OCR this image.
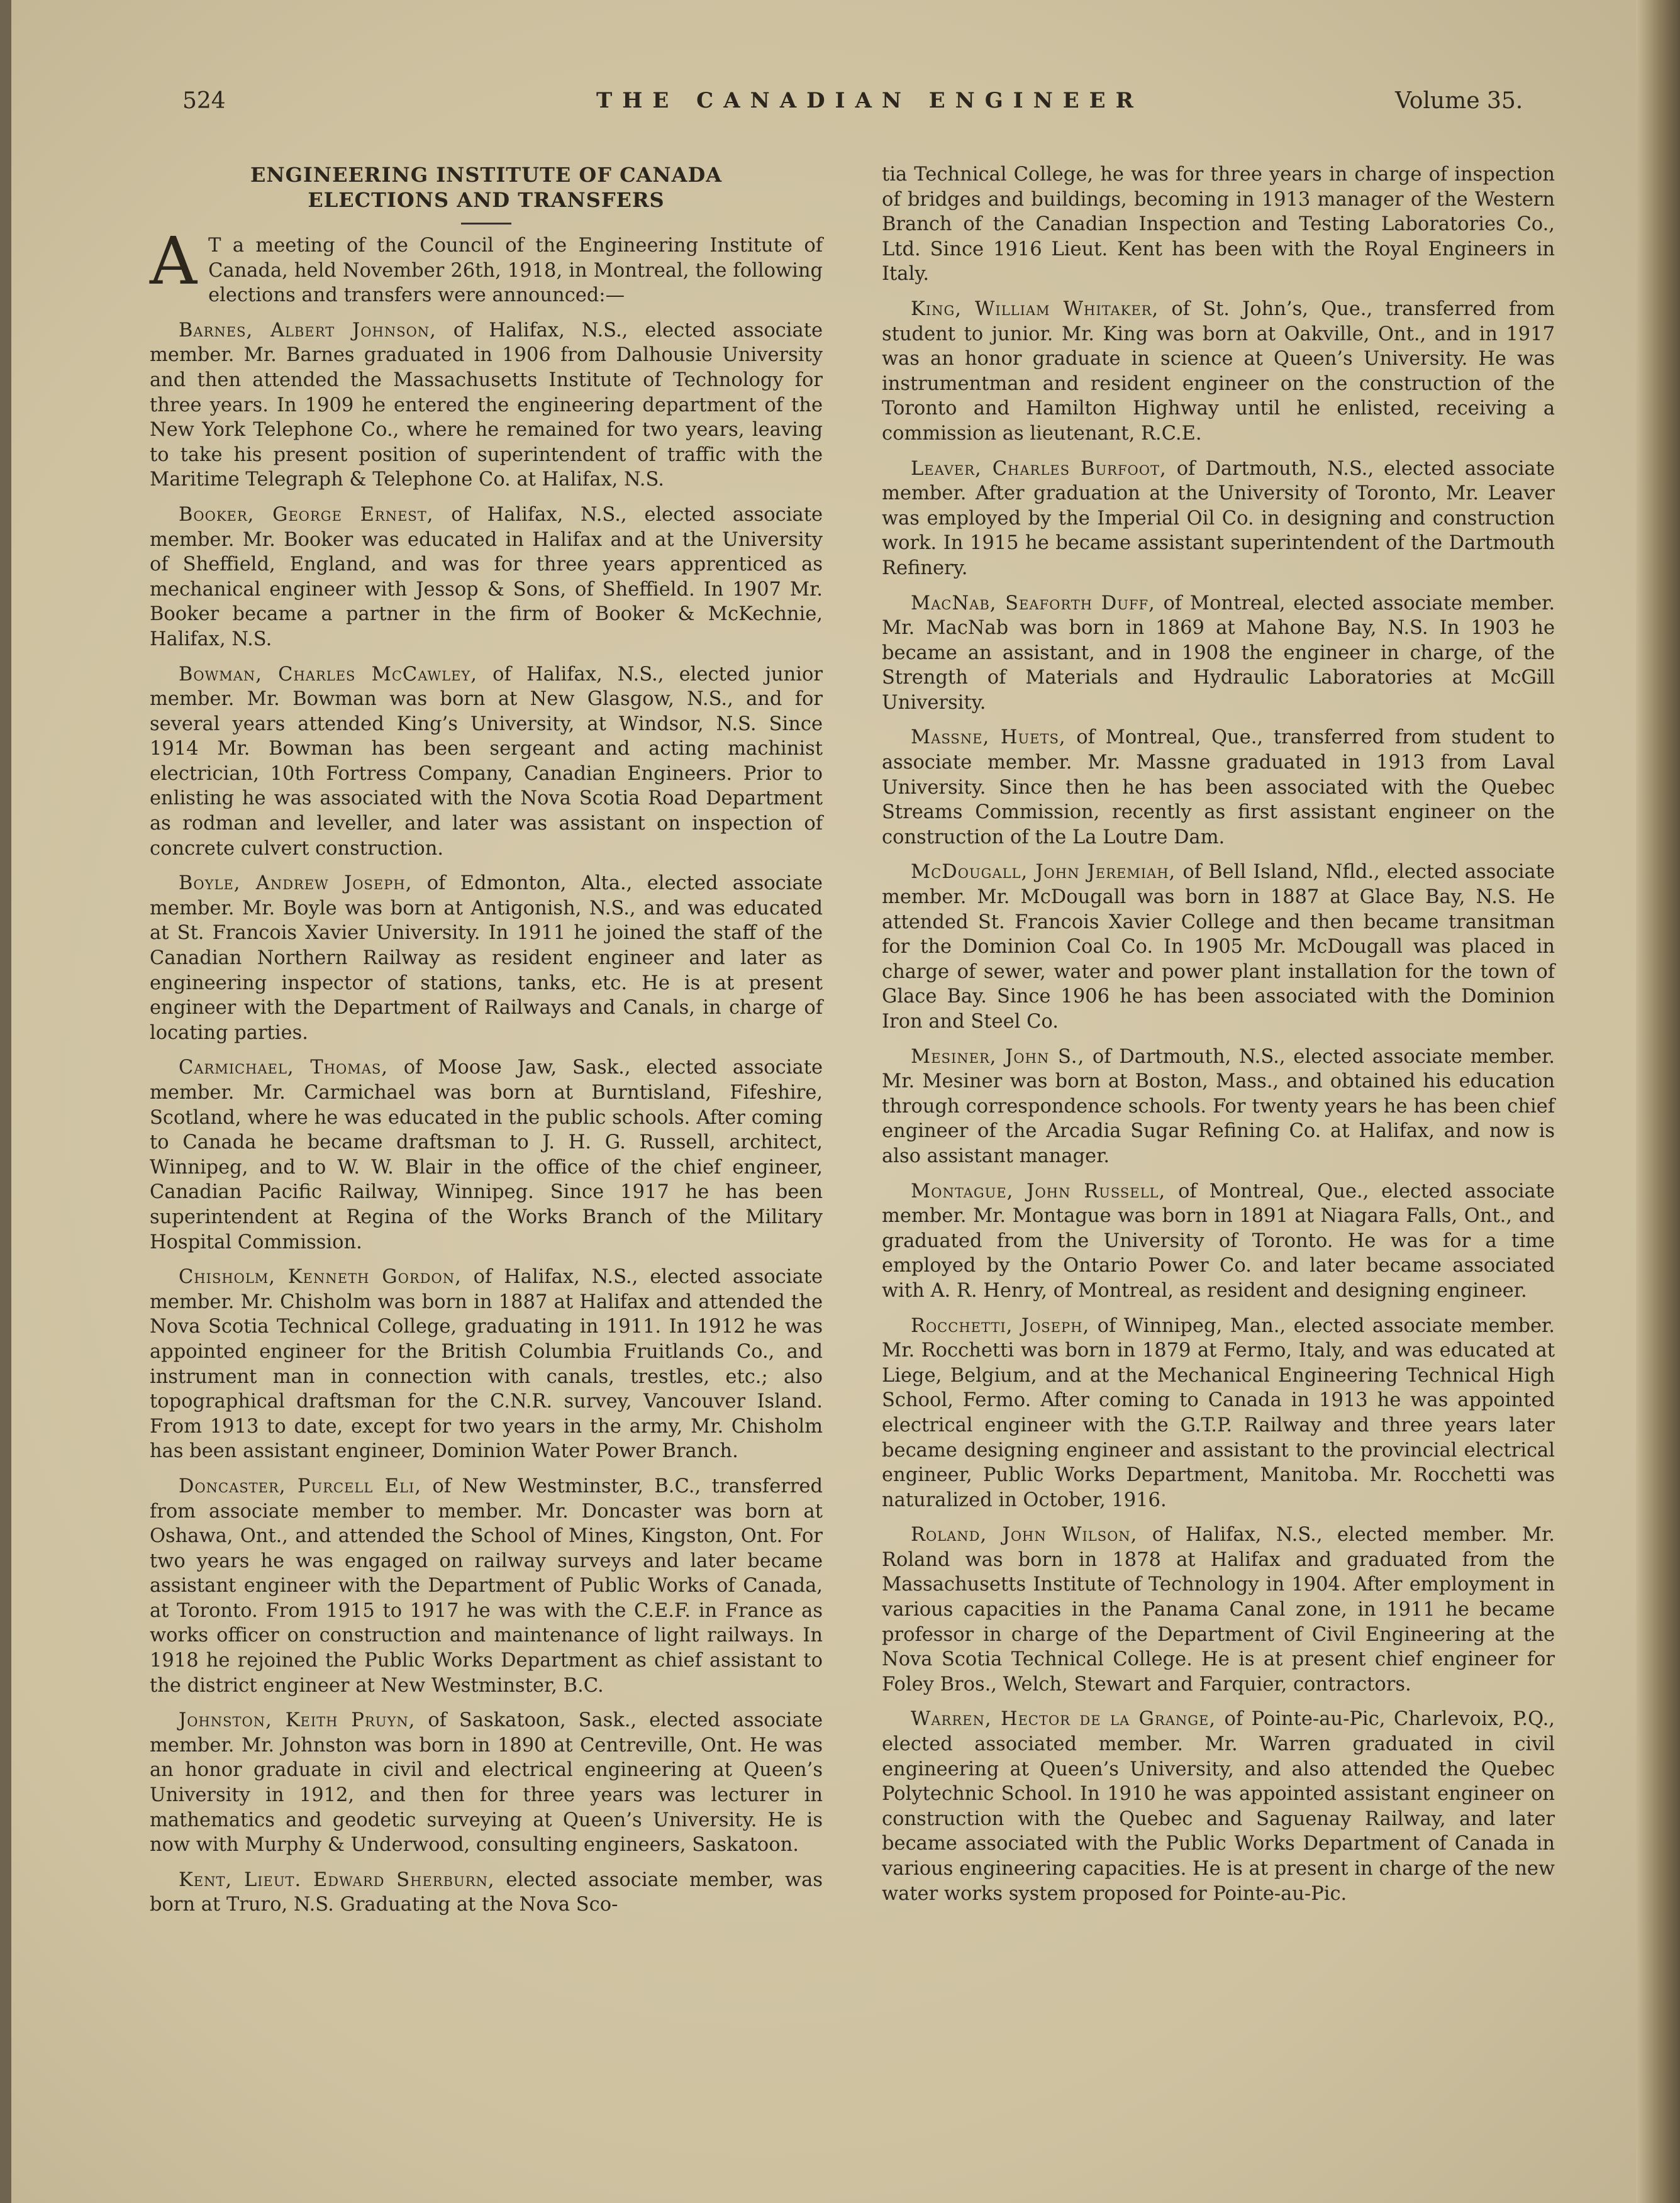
524	THE CANADIAN ENGINEER	Volume 35.
ENGINEERING INSTITUTE OF CANADA
ELECTIONS AND TRANSFERS
A T a meeting of the Council of the Engineering Institute of Canada, held November 26th, 1918, in Montreal, the following elections and transfers were announced:—

Barnes, Albert Johnson, of Halifax, N.S., elected associate member. Mr. Barnes graduated in 1906 from Dalhousie University and then attended the Massachusetts Institute of Technology for three years. In 1909 he entered the engineering department of the New York Telephone Co., where he remained for two years, leaving to take his present position of superintendent of traffic with the Maritime Telegraph & Telephone Co. at Halifax, N.S.

Booker, George Ernest, of Halifax, N.S., elected associate member. Mr. Booker was educated in Halifax and at the University of Sheffield, England, and was for three years apprenticed as mechanical engineer with Jessop & Sons, of Sheffield. In 1907 Mr. Booker became a partner in the firm of Booker & McKechnie, Halifax, N.S.

Bowman, Charles McCawley, of Halifax, N.S., elected junior member. Mr. Bowman was born at New Glasgow, N.S., and for several years attended King’s University, at Windsor, N.S. Since 1914 Mr. Bowman has been sergeant and acting machinist electrician, 10th Fortress Company, Canadian Engineers. Prior to enlisting he was associated with the Nova Scotia Road Department as rodman and leveller, and later was assistant on inspection of concrete culvert construction.

Boyle, Andrew Joseph, of Edmonton, Alta., elected associate member. Mr. Boyle was born at Antigonish, N.S., and was educated at St. Francois Xavier University. In 1911 he joined the staff of the Canadian Northern Railway as resident engineer and later as engineering inspector of stations, tanks, etc. He is at present engineer with the Department of Railways and Canals, in charge of locating parties.

Carmichael, Thomas, of Moose Jaw, Sask., elected associate member. Mr. Carmichael was born at Burntisland, Fifeshire, Scotland, where he was educated in the public schools. After coming to Canada he became draftsman to J. H. G. Russell, architect, Winnipeg, and to W. W. Blair in the office of the chief engineer, Canadian Pacific Railway, Winnipeg. Since 1917 he has been superintendent at Regina of the Works Branch of the Military Hospital Commission.

Chisholm, Kenneth Gordon, of Halifax, N.S., elected associate member. Mr. Chisholm was born in 1887 at Halifax and attended the Nova Scotia Technical College, graduating in 1911. In 1912 he was appointed engineer for the British Columbia Fruitlands Co., and instrument man in connection with canals, trestles, etc.; also topographical draftsman for the C.N.R. survey, Vancouver Island. From 1913 to date, except for two years in the army, Mr. Chisholm has been assistant engineer, Dominion Water Power Branch.

Doncaster, Purcell Eli, of New Westminster, B.C., transferred from associate member to member. Mr. Doncaster was born at Oshawa, Ont., and attended the School of Mines, Kingston, Ont. For two years he was engaged on railway surveys and later became assistant engineer with the Department of Public Works of Canada, at Toronto. From 1915 to 1917 he was with the C.E.F. in France as works officer on construction and maintenance of light railways. In 1918 he rejoined the Public Works Department as chief assistant to the district engineer at New Westminster, B.C.

Johnston, Keith Pruyn, of Saskatoon, Sask., elected associate member. Mr. Johnston was born in 1890 at Centreville, Ont. He was an honor graduate in civil and electrical engineering at Queen’s University in 1912, and then for three years was lecturer in mathematics and geodetic surveying at Queen’s University. He is now with Murphy & Underwood, consulting engineers, Saskatoon.

Kent, Lieut. Edward Sherburn, elected associate member, was born at Truro, N.S. Graduating at the Nova Sco-

tia Technical College, he was for three years in charge of inspection of bridges and buildings, becoming in 1913 manager of the Western Branch of the Canadian Inspection and Testing Laboratories Co., Ltd. Since 1916 Lieut. Kent has been with the Royal Engineers in Italy.

King, William Whitaker, of St. John’s, Que., transferred from student to junior. Mr. King was born at Oakville, Ont., and in 1917 was an honor graduate in science at Queen’s University. He was instrumentman and resident engineer on the construction of the Toronto and Hamilton Highway until he enlisted, receiving a commission as lieutenant, R.C.E.

Leaver, Charles Burfoot, of Dartmouth, N.S., elected associate member. After graduation at the University of Toronto, Mr. Leaver was employed by the Imperial Oil Co. in designing and construction work. In 1915 he became assistant superintendent of the Dartmouth Refinery.

MacNab, Seaforth Duff, of Montreal, elected associate member. Mr. MacNab was born in 1869 at Mahone Bay, N.S. In 1903 he became an assistant, and in 1908 the engineer in charge, of the Strength of Materials and Hydraulic Laboratories at McGill University.

Massne, Huets, of Montreal, Que., transferred from student to associate member. Mr. Massne graduated in 1913 from Laval University. Since then he has been associated with the Quebec Streams Commission, recently as first assistant engineer on the construction of the La Loutre Dam.

McDougall, John Jeremiah, of Bell Island, Nfld., elected associate member. Mr. McDougall was born in 1887 at Glace Bay, N.S. He attended St. Francois Xavier College and then became transitman for the Dominion Coal Co. In 1905 Mr. McDougall was placed in charge of sewer, water and power plant installation for the town of Glace Bay. Since 1906 he has been associated with the Dominion Iron and Steel Co.

Mesiner, John S., of Dartmouth, N.S., elected associate member. Mr. Mesiner was born at Boston, Mass., and obtained his education through correspondence schools. For twenty years he has been chief engineer of the Arcadia Sugar Refining Co. at Halifax, and now is also assistant manager.

Montague, John Russell, of Montreal, Que., elected associate member. Mr. Montague was born in 1891 at Niagara Falls, Ont., and graduated from the University of Toronto. He was for a time employed by the Ontario Power Co. and later became associated with A. R. Henry, of Montreal, as resident and designing engineer.

Rocchetti, Joseph, of Winnipeg, Man., elected associate member. Mr. Rocchetti was born in 1879 at Fermo, Italy, and was educated at Liege, Belgium, and at the Mechanical Engineering Technical High School, Fermo. After coming to Canada in 1913 he was appointed electrical engineer with the G.T.P. Railway and three years later became designing engineer and assistant to the provincial electrical engineer, Public Works Department, Manitoba. Mr. Rocchetti was naturalized in October, 1916.

Roland, John Wilson, of Halifax, N.S., elected member. Mr. Roland was born in 1878 at Halifax and graduated from the Massachusetts Institute of Technology in 1904. After employment in various capacities in the Panama Canal zone, in 1911 he became professor in charge of the Department of Civil Engineering at the Nova Scotia Technical College. He is at present chief engineer for Foley Bros., Welch, Stewart and Farquier, contractors.

Warren, Hector de la Grange, of Pointe-au-Pic, Charlevoix, P.Q., elected associated member. Mr. Warren graduated in civil engineering at Queen’s University, and also attended the Quebec Polytechnic School. In 1910 he was appointed assistant engineer on construction with the Quebec and Saguenay Railway, and later became associated with the Public Works Department of Canada in various engineering capacities. He is at present in charge of the new water works system proposed for Pointe-au-Pic.
